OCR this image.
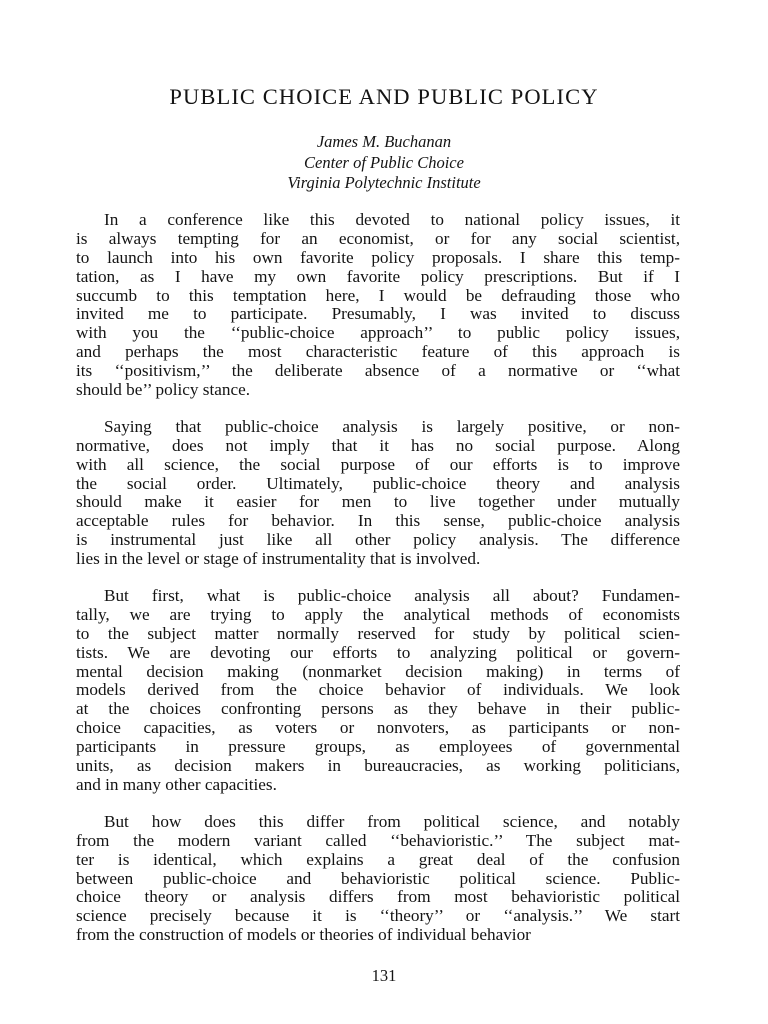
PUBLIC CHOICE AND PUBLIC POLICY
James M. Buchanan
Center of Public Choice
Virginia Polytechnic Institute
In a conference like this devoted to national policy issues, it
is always tempting for an economist, or for any social scientist,
to launch into his own favorite policy proposals. I share this temp-
tation, as I have my own favorite policy prescriptions. But if I
succumb to this temptation here, I would be defrauding those who
invited me to participate. Presumably, I was invited to discuss
with you the ‘‘public-choice approach’’ to public policy issues,
and perhaps the most characteristic feature of this approach is
its ‘‘positivism,’’ the deliberate absence of a normative or ‘‘what
should be’’ policy stance.
Saying that public-choice analysis is largely positive, or non-
normative, does not imply that it has no social purpose. Along
with all science, the social purpose of our efforts is to improve
the social order. Ultimately, public-choice theory and analysis
should make it easier for men to live together under mutually
acceptable rules for behavior. In this sense, public-choice analysis
is instrumental just like all other policy analysis. The difference
lies in the level or stage of instrumentality that is involved.
But first, what is public-choice analysis all about? Fundamen-
tally, we are trying to apply the analytical methods of economists
to the subject matter normally reserved for study by political scien-
tists. We are devoting our efforts to analyzing political or govern-
mental decision making (nonmarket decision making) in terms of
models derived from the choice behavior of individuals. We look
at the choices confronting persons as they behave in their public-
choice capacities, as voters or nonvoters, as participants or non-
participants in pressure groups, as employees of governmental
units, as decision makers in bureaucracies, as working politicians,
and in many other capacities.
But how does this differ from political science, and notably
from the modern variant called ‘‘behavioristic.’’ The subject mat-
ter is identical, which explains a great deal of the confusion
between public-choice and behavioristic political science. Public-
choice theory or analysis differs from most behavioristic political
science precisely because it is ‘‘theory’’ or ‘‘analysis.’’ We start
from the construction of models or theories of individual behavior
131
